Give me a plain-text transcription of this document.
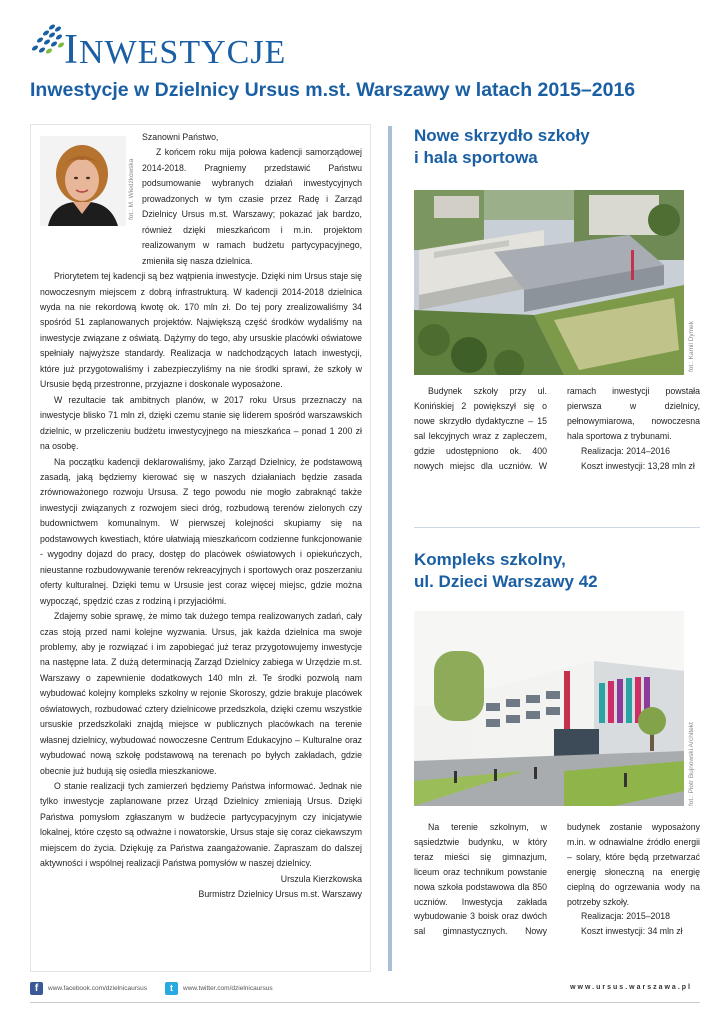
INWESTYCJE
Inwestycje w Dzielnicy Ursus m.st. Warszawy w latach 2015–2016
fot.: M. Wiedźkowska

Szanowni Państwo,

Z końcem roku mija połowa kadencji samorządowej 2014-2018. Pragniemy przedstawić Państwu podsumowanie wybranych działań inwestycyjnych prowadzonych w tym czasie przez Radę i Zarząd Dzielnicy Ursus m.st. Warszawy; pokazać jak bardzo, również dzięki mieszkańcom i m.in. projektom realizowanym w ramach budżetu partycypacyjnego, zmieniła się nasza dzielnica.

Priorytetem tej kadencji są bez wątpienia inwestycje. Dzięki nim Ursus staje się nowoczesnym miejscem z dobrą infrastrukturą. W kadencji 2014-2018 dzielnica wyda na nie rekordową kwotę ok. 170 mln zł. Do tej pory zrealizowaliśmy 34 spośród 51 zaplanowanych projektów. Największą część środków wydaliśmy na inwestycje związane z oświatą. Dążymy do tego, aby ursuskie placówki oświatowe spełniały najwyższe standardy. Realizacja w nadchodzących latach inwestycji, które już przygotowaliśmy i zabezpieczyliśmy na nie środki sprawi, że szkoły w Ursusie będą przestronne, przyjazne i doskonale wyposażone.

W rezultacie tak ambitnych planów, w 2017 roku Ursus przeznaczy na inwestycje blisko 71 mln zł, dzięki czemu stanie się liderem spośród warszawskich dzielnic, w przeliczeniu budżetu inwestycyjnego na mieszkańca – ponad 1 200 zł na osobę.

Na początku kadencji deklarowaliśmy, jako Zarząd Dzielnicy, że podstawową zasadą, jaką będziemy kierować się w naszych działaniach będzie zasada zrównoważonego rozwoju Ursusa. Z tego powodu nie mogło zabraknąć także inwestycji związanych z rozwojem sieci dróg, rozbudową terenów zielonych czy budownictwem komunalnym. W pierwszej kolejności skupiamy się na podstawowych kwestiach, które ułatwiają mieszkańcom codzienne funkcjonowanie - wygodny dojazd do pracy, dostęp do placówek oświatowych i opiekuńczych, nieustanne rozbudowywanie terenów rekreacyjnych i sportowych oraz poszerzaniu oferty kulturalnej. Dzięki temu w Ursusie jest coraz więcej miejsc, gdzie można wypocząć, spędzić czas z rodziną i przyjaciółmi.

Zdajemy sobie sprawę, że mimo tak dużego tempa realizowanych zadań, cały czas stoją przed nami kolejne wyzwania. Ursus, jak każda dzielnica ma swoje problemy, aby je rozwiązać i im zapobiegać już teraz przygotowujemy inwestycje na następne lata. Z dużą determinacją Zarząd Dzielnicy zabiega w Urzędzie m.st. Warszawy o zapewnienie dodatkowych 140 mln zł. Te środki pozwolą nam wybudować kolejny kompleks szkolny w rejonie Skoroszy, gdzie brakuje placówek oświatowych, rozbudować cztery dzielnicowe przedszkola, dzięki czemu wszystkie ursuskie przedszkolaki znajdą miejsce w publicznych placówkach na terenie własnej dzielnicy, wybudować nowoczesne Centrum Edukacyjno – Kulturalne oraz wybudować nową szkołę podstawową na terenach po byłych zakładach, gdzie obecnie już budują się osiedla mieszkaniowe.

O stanie realizacji tych zamierzeń będziemy Państwa informować. Jednak nie tylko inwestycje zaplanowane przez Urząd Dzielnicy zmieniają Ursus. Dzięki Państwa pomysłom zgłaszanym w budżecie partycypacyjnym czy inicjatywie lokalnej, które często są odważne i nowatorskie, Ursus staje się coraz ciekawszym miejscem do życia. Dziękuję za Państwa zaangażowanie. Zapraszam do dalszej aktywności i wspólnej realizacji Państwa pomysłów w naszej dzielnicy.

Urszula Kierzkowska

Burmistrz Dzielnicy Ursus m.st. Warszawy

Nowe skrzydło szkoły
i hala sportowa
fot.: Kamil Dymek

Budynek szkoły przy ul. Konińskiej 2 powiększył się o nowe skrzydło dydaktyczne – 15 sal lekcyjnych wraz z zapleczem, gdzie udostępniono ok. 400 nowych miejsc dla uczniów. W ramach inwestycji powstała pierwsza w dzielnicy, pełnowymiarowa, nowoczesna hala sportowa z trybunami.

Realizacja: 2014–2016

Koszt inwestycji: 13,28 mln zł

Kompleks szkolny,
ul. Dzieci Warszawy 42
fot.: Piotr Bujnowski Architekt

Na terenie szkolnym, w sąsiedztwie budynku, w który teraz mieści się gimnazjum, liceum oraz technikum powstanie nowa szkoła podstawowa dla 850 uczniów. Inwestycja zakłada wybudowanie 3 boisk oraz dwóch sal gimnastycznych. Nowy budynek zostanie wyposażony m.in. w odnawialne źródło energii – solary, które będą przetwarzać energię słoneczną na energię cieplną do ogrzewania wody na potrzeby szkoły.

Realizacja: 2015–2018

Koszt inwestycji: 34 mln zł

f	www.facebook.com/dzielnicaursus	t	www.twitter.com/dzielnicaursus	www.ursus.warszawa.pl
